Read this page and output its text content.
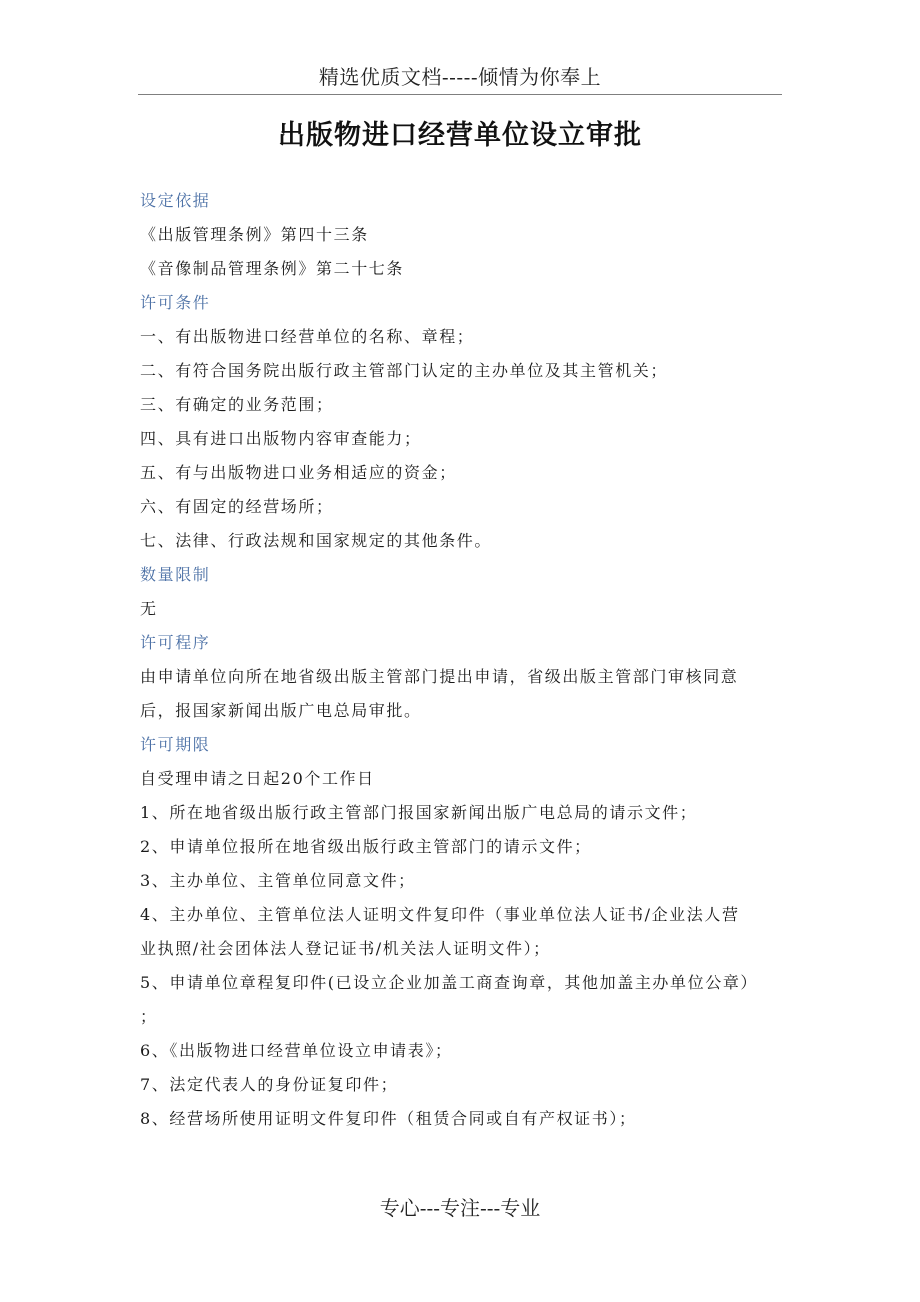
精选优质文档-----倾情为你奉上
出版物进口经营单位设立审批

设定依据

《出版管理条例》第四十三条

《音像制品管理条例》第二十七条

许可条件

一、有出版物进口经营单位的名称、章程；

二、有符合国务院出版行政主管部门认定的主办单位及其主管机关；

三、有确定的业务范围；

四、具有进口出版物内容审查能力；

五、有与出版物进口业务相适应的资金；

六、有固定的经营场所；

七、法律、行政法规和国家规定的其他条件。

数量限制

无

许可程序

由申请单位向所在地省级出版主管部门提出申请，省级出版主管部门审核同意

后，报国家新闻出版广电总局审批。

许可期限

自受理申请之日起20个工作日

1、所在地省级出版行政主管部门报国家新闻出版广电总局的请示文件；

2、申请单位报所在地省级出版行政主管部门的请示文件；

3、主办单位、主管单位同意文件；

4、主办单位、主管单位法人证明文件复印件（事业单位法人证书/企业法人营

业执照/社会团体法人登记证书/机关法人证明文件）；

5、申请单位章程复印件(已设立企业加盖工商查询章，其他加盖主办单位公章）

；

6、《出版物进口经营单位设立申请表》；

7、法定代表人的身份证复印件；

8、经营场所使用证明文件复印件（租赁合同或自有产权证书）；

专心---专注---专业
